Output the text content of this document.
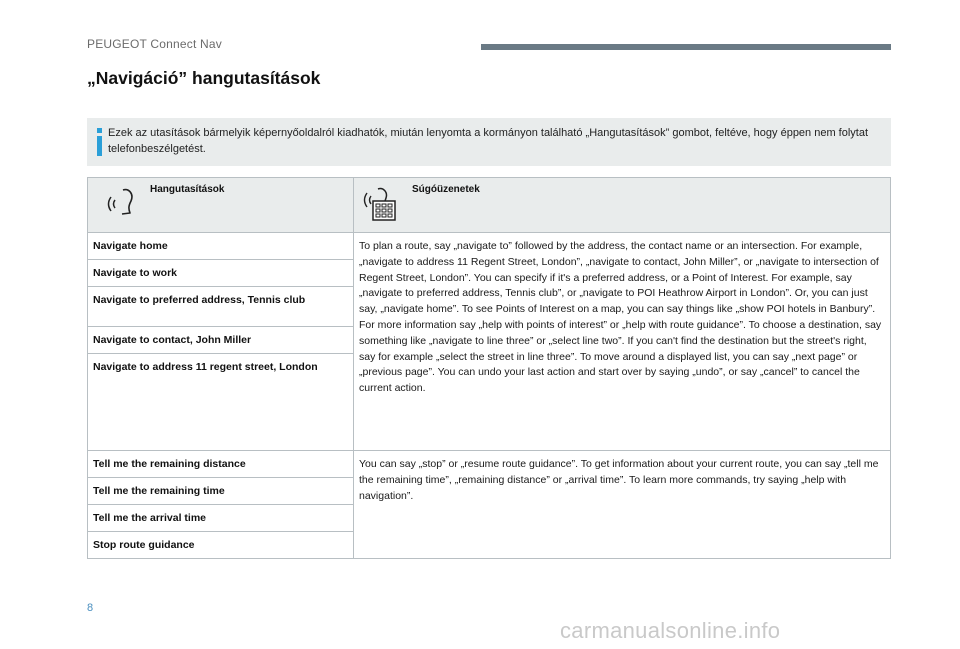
PEUGEOT Connect Nav
„Navigáció” hangutasítások
Ezek az utasítások bármelyik képernyőoldalról kiadhatók, miután lenyomta a kormányon található „Hangutasítások” gombot, feltéve, hogy éppen nem folytat telefonbeszélgetést.
Hangutasítások	Súgóüzenetek
Navigate home
Navigate to work
Navigate to preferred address, Tennis club
Navigate to contact, John Miller
Navigate to address 11 regent street, London
Tell me the remaining distance
Tell me the remaining time
Tell me the arrival time
Stop route guidance

To plan a route, say „navigate to” followed by the address, the contact name or an intersection. For example, „navigate to address 11 Regent Street, London”, „navigate to contact, John Miller”, or „navigate to intersection of Regent Street, London”. You can specify if it's a preferred address, or a Point of Interest. For example, say „navigate to preferred address, Tennis club”, or „navigate to POI Heathrow Airport in London”. Or, you can just say, „navigate home”. To see Points of Interest on a map, you can say things like „show POI hotels in Banbury”. For more information say „help with points of interest” or „help with route guidance”. To choose a destination, say something like „navigate to line three” or „select line two”. If you can't find the destination but the street's right, say for example „select the street in line three”. To move around a displayed list, you can say „next page” or „previous page”. You can undo your last action and start over by saying „undo”, or say „cancel” to cancel the current action.

You can say „stop” or „resume route guidance”. To get information about your current route, you can say „tell me the remaining time”, „remaining distance” or „arrival time”. To learn more commands, try saying „help with navigation”.

8
carmanualsonline.info
